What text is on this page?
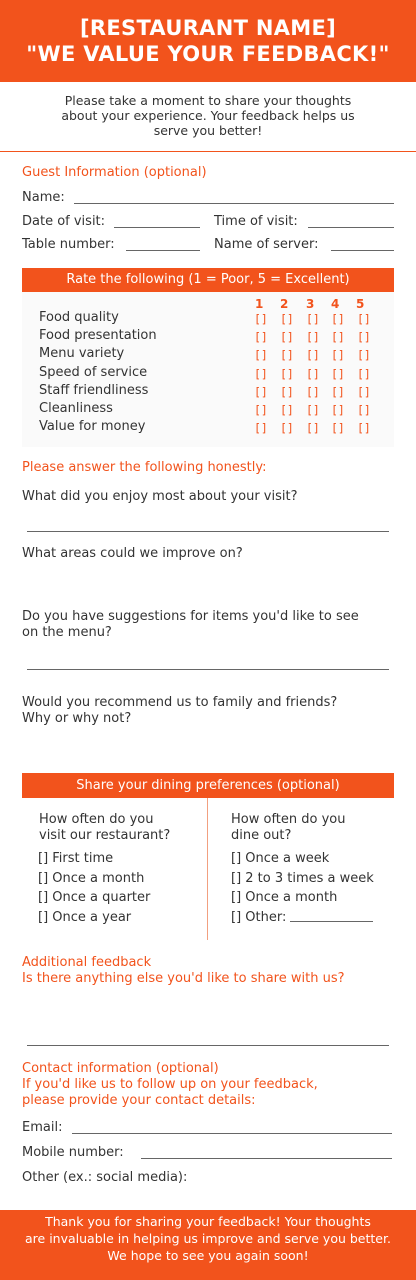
[RESTAURANT NAME]
"WE VALUE YOUR FEEDBACK!"
Please take a moment to share your thoughts
about your experience. Your feedback helps us
serve you better!
Guest Information (optional)
Name:
Date of visit:	Time of visit:
Table number:	Name of server:
Rate the following (1 = Poor, 5 = Excellent)
1 2 3 4 5
Food quality
Food presentation
Menu variety
Speed of service
Staff friendliness
Cleanliness
Value for money
[] [] [] [] []
[] [] [] [] []
[] [] [] [] []
[] [] [] [] []
[] [] [] [] []
[] [] [] [] []
[] [] [] [] []
Please answer the following honestly:
What did you enjoy most about your visit?
What areas could we improve on?
Do you have suggestions for items you'd like to see
on the menu?
Would you recommend us to family and friends?
Why or why not?
Share your dining preferences (optional)
How often do you
visit our restaurant?
[] First time
[] Once a month
[] Once a quarter
[] Once a year
How often do you
dine out?
[] Once a week
[] 2 to 3 times a week
[] Once a month
[] Other:
Additional feedback
Is there anything else you'd like to share with us?
Contact information (optional)
If you'd like us to follow up on your feedback,
please provide your contact details:
Email:
Mobile number:
Other (ex.: social media):
Thank you for sharing your feedback! Your thoughts
are invaluable in helping us improve and serve you better.
We hope to see you again soon!
